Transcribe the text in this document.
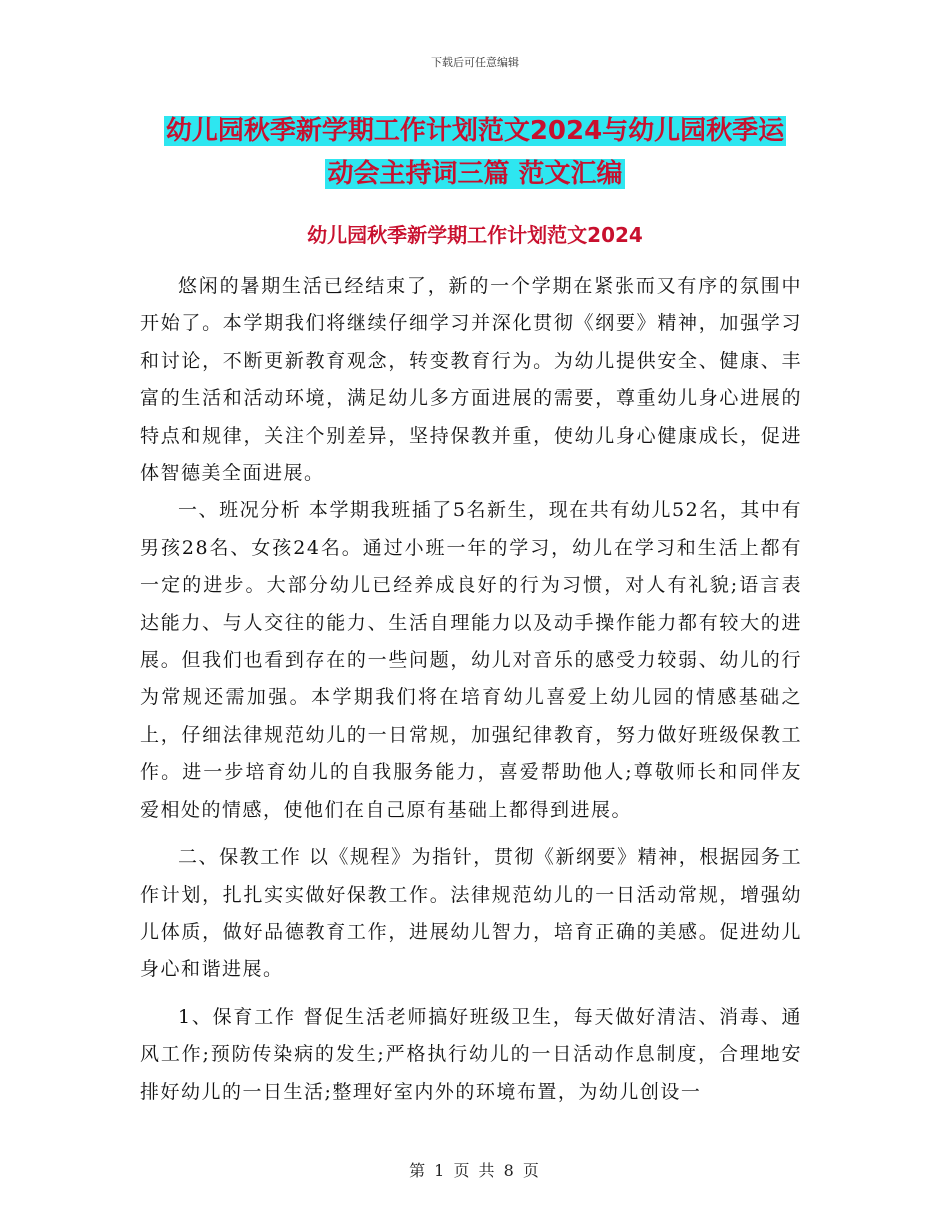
下载后可任意编辑
幼儿园秋季新学期工作计划范文2024与幼儿园秋季运
动会主持词三篇 范文汇编
幼儿园秋季新学期工作计划范文2024

悠闲的暑期生活已经结束了，新的一个学期在紧张而又有序的氛围中开始了。本学期我们将继续仔细学习并深化贯彻《纲要》精神，加强学习和讨论，不断更新教育观念，转变教育行为。为幼儿提供安全、健康、丰富的生活和活动环境，满足幼儿多方面进展的需要，尊重幼儿身心进展的特点和规律，关注个别差异，坚持保教并重，使幼儿身心健康成长，促进体智德美全面进展。

一、班况分析 本学期我班插了5名新生，现在共有幼儿52名，其中有男孩28名、女孩24名。通过小班一年的学习，幼儿在学习和生活上都有一定的进步。大部分幼儿已经养成良好的行为习惯，对人有礼貌;语言表达能力、与人交往的能力、生活自理能力以及动手操作能力都有较大的进展。但我们也看到存在的一些问题，幼儿对音乐的感受力较弱、幼儿的行为常规还需加强。本学期我们将在培育幼儿喜爱上幼儿园的情感基础之上，仔细法律规范幼儿的一日常规，加强纪律教育，努力做好班级保教工作。进一步培育幼儿的自我服务能力，喜爱帮助他人;尊敬师长和同伴友爱相处的情感，使他们在自己原有基础上都得到进展。

二、保教工作 以《规程》为指针，贯彻《新纲要》精神，根据园务工作计划，扎扎实实做好保教工作。法律规范幼儿的一日活动常规，增强幼儿体质，做好品德教育工作，进展幼儿智力，培育正确的美感。促进幼儿身心和谐进展。

1、保育工作 督促生活老师搞好班级卫生，每天做好清洁、消毒、通风工作;预防传染病的发生;严格执行幼儿的一日活动作息制度，合理地安排好幼儿的一日生活;整理好室内外的环境布置，为幼儿创设一

第 1 页 共 8 页
